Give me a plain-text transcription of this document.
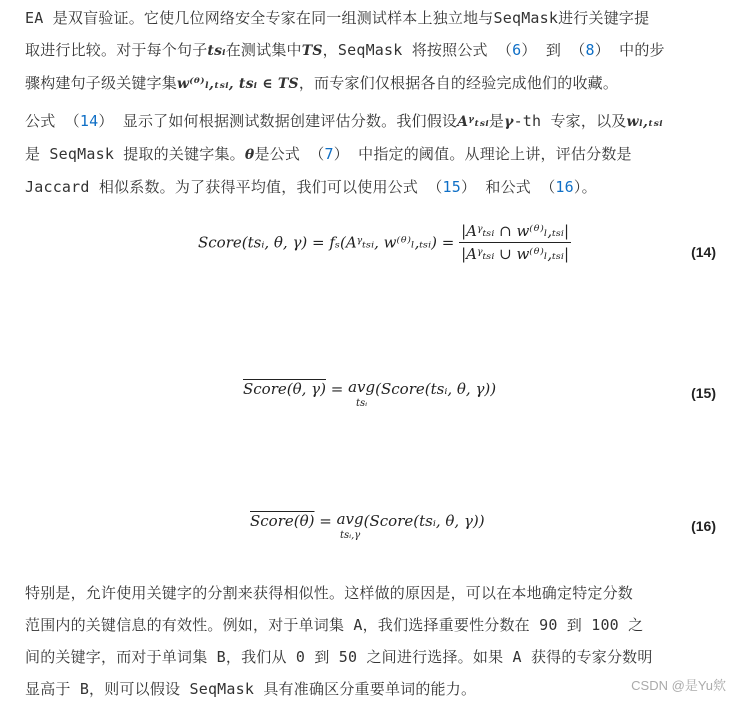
EA 是双盲验证。它使几位网络安全专家在同一组测试样本上独立地与SeqMask进行关键字提
取进行比较。对于每个句子tsᵢ在测试集中TS，SeqMask 将按照公式 （6） 到 （8） 中的步
骤构建句子级关键字集w⁽ᶿ⁾ₗ,ₜₛᵢ, tsᵢ ∈ TS，而专家们仅根据各自的经验完成他们的收藏。
公式 （14） 显示了如何根据测试数据创建评估分数。我们假设Aᵞₜₛᵢ是γ-th 专家，以及wₗ,ₜₛᵢ
是 SeqMask 提取的关键字集。θ是公式 （7） 中指定的阈值。从理论上讲，评估分数是
Jaccard 相似系数。为了获得平均值，我们可以使用公式 （15） 和公式 （16）。
Score(tsᵢ, θ, γ) = fₛ(Aᵞₜₛᵢ, w⁽ᶿ⁾ₗ,ₜₛᵢ) = $\frac{\text{|Aᵞₜₛᵢ ∩ w⁽ᶿ⁾ₗ,ₜₛᵢ|}}{\text{|Aᵞₜₛᵢ ∪ w⁽ᶿ⁾ₗ,ₜₛᵢ|}}$	(14)
Score(θ, γ) = avg
tsᵢ
(Score(tsᵢ, θ, γ))	(15)
Score(θ) = avg
tsᵢ,γ
(Score(tsᵢ, θ, γ))	(16)
特别是，允许使用关键字的分割来获得相似性。这样做的原因是，可以在本地确定特定分数
范围内的关键信息的有效性。例如，对于单词集 A，我们选择重要性分数在 90 到 100 之
间的关键字，而对于单词集 B，我们从 0 到 50 之间进行选择。如果 A 获得的专家分数明
显高于 B，则可以假设 SeqMask 具有准确区分重要单词的能力。	CSDN @是Yu欸
